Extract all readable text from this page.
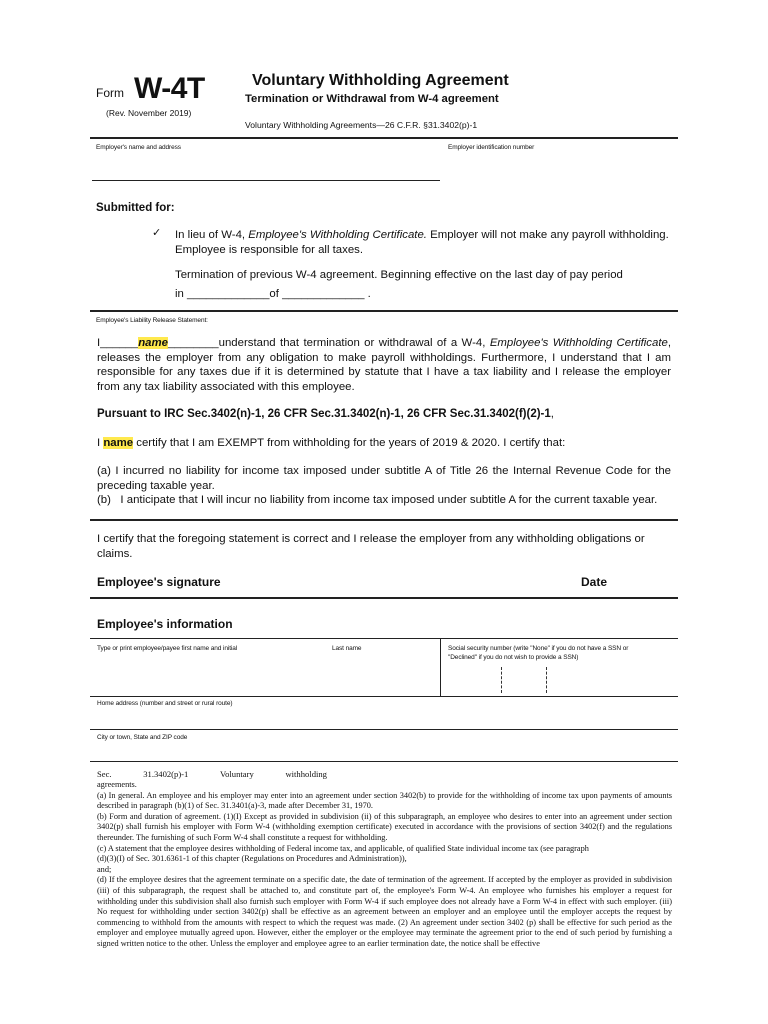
Form W-4T
(Rev. November 2019)
Voluntary Withholding Agreement
Termination or Withdrawal from W-4 agreement
Voluntary Withholding Agreements—26 C.F.R. §31.3402(p)-1
Employer's name and address	Employer identification number
Submitted for:
✓ In lieu of W-4, Employee's Withholding Certificate. Employer will not make any payroll withholding.
Employee is responsible for all taxes.
Termination of previous W-4 agreement. Beginning effective on the last day of pay period
in _____________of _____________ .
Employee's Liability Release Statement:
I______name________understand that termination or withdrawal of a W-4, Employee's Withholding Certificate, releases the employer from any obligation to make payroll withholdings. Furthermore, I understand that I am responsible for any taxes due if it is determined by statute that I have a tax liability and I release the employer from any tax liability associated with this employee.
Pursuant to IRC Sec.3402(n)-1, 26 CFR Sec.31.3402(n)-1, 26 CFR Sec.31.3402(f)(2)-1,
I name certify that I am EXEMPT from withholding for the years of 2019 & 2020. I certify that:
(a) I incurred no liability for income tax imposed under subtitle A of Title 26 the Internal Revenue Code for the preceding taxable year.
(b) I anticipate that I will incur no liability from income tax imposed under subtitle A for the current taxable year.
I certify that the foregoing statement is correct and I release the employer from any withholding obligations or claims.
Employee's signature	Date
Employee's information
Type or print employee/payee first name and initial	Last name	Social security number (write "None" if you do not have a SSN or
"Declined" if you do not wish to provide a SSN)
Home address (number and street or rural route)
City or town, State and ZIP code
Sec.	31.3402(p)-1	Voluntary	withholding
agreements.
(a) In general. An employee and his employer may enter into an agreement under section 3402(b) to provide for the withholding of income tax upon payments of amounts described in paragraph (b)(1) of Sec. 31.3401(a)-3, made after December 31, 1970.
(b) Form and duration of agreement. (1)(I) Except as provided in subdivision (ii) of this subparagraph, an employee who desires to enter into an agreement under section 3402(p) shall furnish his employer with Form W-4 (withholding exemption certificate) executed in accordance with the provisions of section 3402(f) and the regulations thereunder. The furnishing of such Form W-4 shall constitute a request for withholding.
(c) A statement that the employee desires withholding of Federal income tax, and applicable, of qualified State individual income tax (see paragraph
(d)(3)(I) of Sec. 301.6361-1 of this chapter (Regulations on Procedures and Administration)),
and;
(d) If the employee desires that the agreement terminate on a specific date, the date of termination of the agreement. If accepted by the employer as provided in subdivision (iii) of this subparagraph, the request shall be attached to, and constitute part of, the employee's Form W-4. An employee who furnishes his employer a request for withholding under this subdivision shall also furnish such employer with Form W-4 if such employee does not already have a Form W-4 in effect with such employer. (iii) No request for withholding under section 3402(p) shall be effective as an agreement between an employer and an employee until the employer accepts the request by commencing to withhold from the amounts with respect to which the request was made. (2) An agreement under section 3402 (p) shall be effective for such period as the employer and employee mutually agreed upon. However, either the employer or the employee may terminate the agreement prior to the end of such period by furnishing a signed written notice to the other. Unless the employer and employee agree to an earlier termination date, the notice shall be effective
